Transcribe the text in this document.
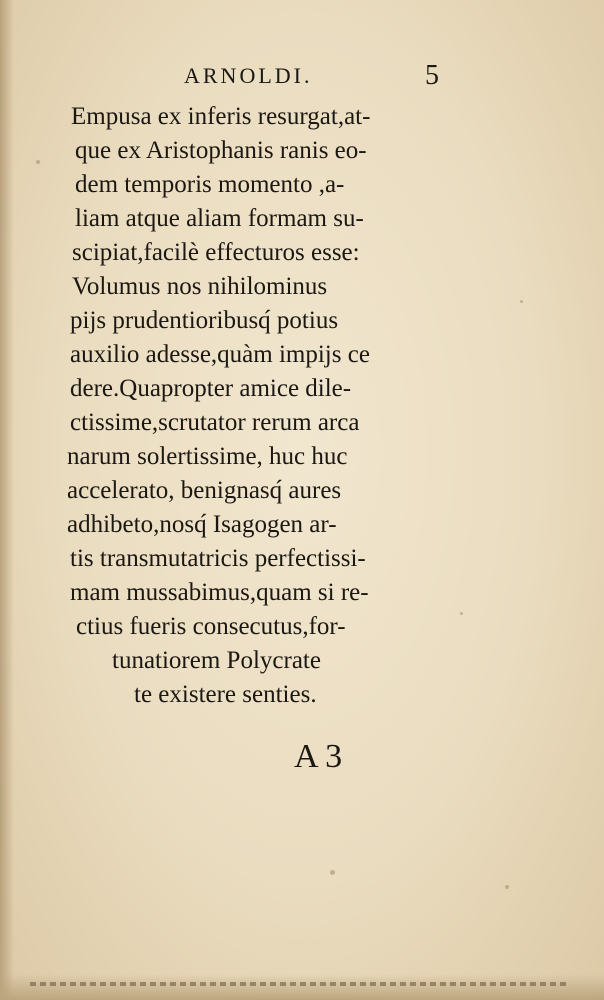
ARNOLDI.	5
Empusa ex inferis resurgat,at-
que ex Aristophanis ranis eo-
dem temporis momento ,a-
liam atque aliam formam su-
scipiat,facilè effecturos esse:
Volumus nos nihilominus
pijs prudentioribusq́ potius
auxilio adesse,quàm impijs ce
dere.Quapropter amice dile-
ctissime,scrutator rerum arca
narum solertissime, huc huc
accelerato, benignasq́ aures
adhibeto,nosq́ Isagogen ar-
tis transmutatricis perfectissi-
mam mussabimus,quam si re-
ctius fueris consecutus,for-
tunatiorem Polycrate
te existere senties.
A 3
